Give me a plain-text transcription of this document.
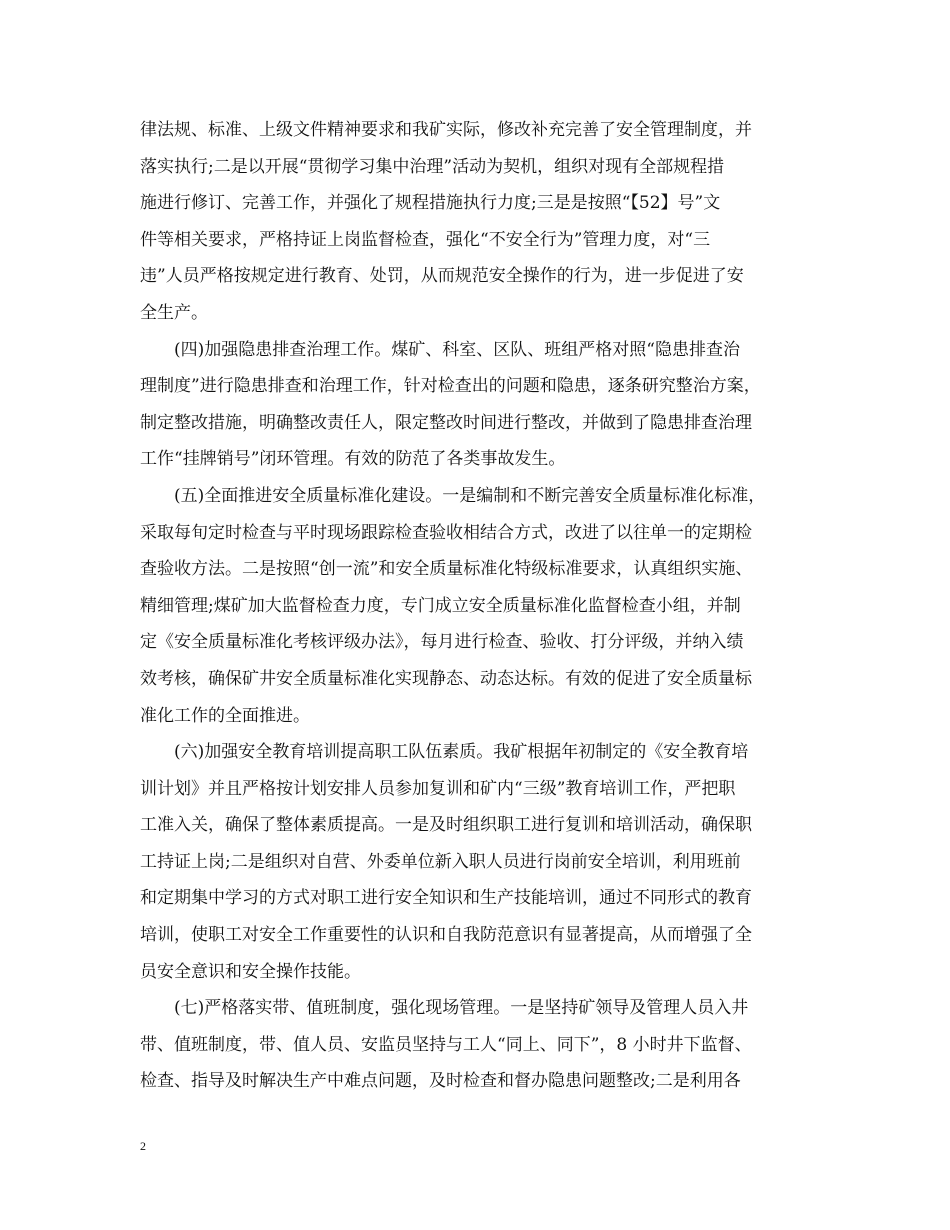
律法规、标准、上级文件精神要求和我矿实际，修改补充完善了安全管理制度，并
落实执行;二是以开展“贯彻学习集中治理”活动为契机，组织对现有全部规程措
施进行修订、完善工作，并强化了规程措施执行力度;三是是按照“【52】号”文
件等相关要求，严格持证上岗监督检查，强化“不安全行为”管理力度，对“三
违”人员严格按规定进行教育、处罚，从而规范安全操作的行为，进一步促进了安
全生产。
　　(四)加强隐患排查治理工作。煤矿、科室、区队、班组严格对照“隐患排查治
理制度”进行隐患排查和治理工作，针对检查出的问题和隐患，逐条研究整治方案，
制定整改措施，明确整改责任人，限定整改时间进行整改，并做到了隐患排查治理
工作“挂牌销号”闭环管理。有效的防范了各类事故发生。
　　(五)全面推进安全质量标准化建设。一是编制和不断完善安全质量标准化标准，
采取每旬定时检查与平时现场跟踪检查验收相结合方式，改进了以往单一的定期检
查验收方法。二是按照“创一流”和安全质量标准化特级标准要求，认真组织实施、
精细管理;煤矿加大监督检查力度，专门成立安全质量标准化监督检查小组，并制
定《安全质量标准化考核评级办法》，每月进行检查、验收、打分评级，并纳入绩
效考核，确保矿井安全质量标准化实现静态、动态达标。有效的促进了安全质量标
准化工作的全面推进。
　　(六)加强安全教育培训提高职工队伍素质。我矿根据年初制定的《安全教育培
训计划》并且严格按计划安排人员参加复训和矿内“三级”教育培训工作，严把职
工准入关，确保了整体素质提高。一是及时组织职工进行复训和培训活动，确保职
工持证上岗;二是组织对自营、外委单位新入职人员进行岗前安全培训，利用班前
和定期集中学习的方式对职工进行安全知识和生产技能培训，通过不同形式的教育
培训，使职工对安全工作重要性的认识和自我防范意识有显著提高，从而增强了全
员安全意识和安全操作技能。
　　(七)严格落实带、值班制度，强化现场管理。一是坚持矿领导及管理人员入井
带、值班制度，带、值人员、安监员坚持与工人“同上、同下”，8 小时井下监督、
检查、指导及时解决生产中难点问题，及时检查和督办隐患问题整改;二是利用各
2
